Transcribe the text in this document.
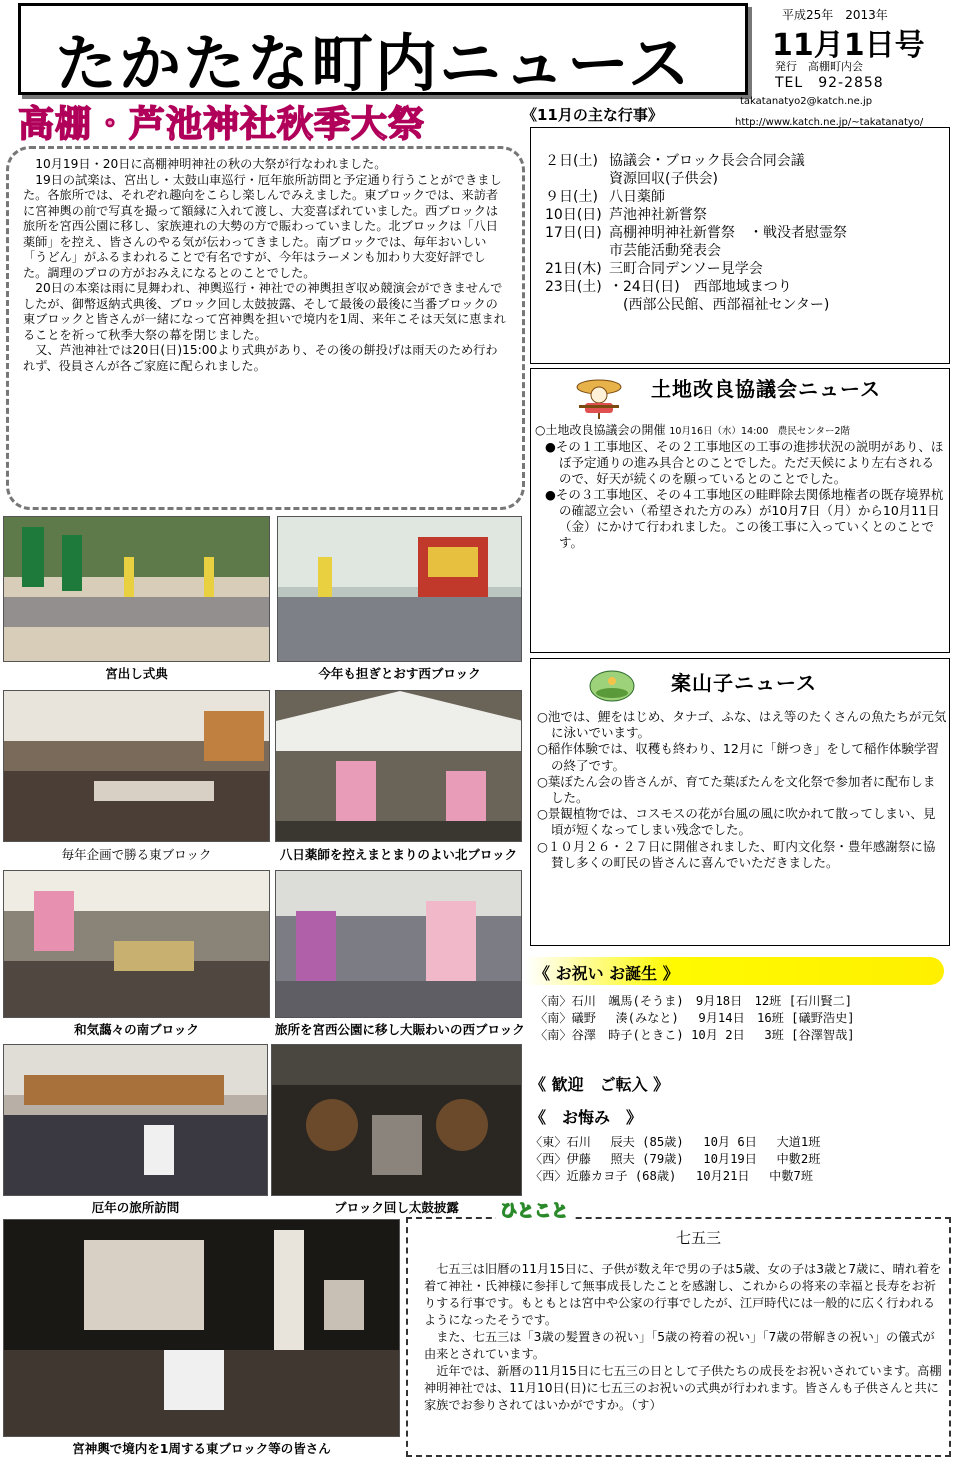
たかたな町内ニュース
平成25年　2013年
11月1日号
発行　高棚町内会
TEL　92-2858
takatanatyo2@katch.ne.jp
http://www.katch.ne.jp/~takatanatyo/
高棚・芦池神社秋季大祭	《11月の主な行事》

10月19日・20日に高棚神明神社の秋の大祭が行なわれました。

19日の試楽は、宮出し・太鼓山車巡行・厄年旅所訪問と予定通り行うことができました。各旅所では、それぞれ趣向をこらし楽しんでみえました。東ブロックでは、来訪者に宮神輿の前で写真を撮って額縁に入れて渡し、大変喜ばれていました。西ブロックは旅所を宮西公園に移し、家族連れの大勢の方で賑わっていました。北ブロックは「八日薬師」を控え、皆さんのやる気が伝わってきました。南ブロックでは、毎年おいしい「うどん」がふるまわれることで有名ですが、今年はラーメンも加わり大変好評でした。調理のプロの方がおみえになるとのことでした。

20日の本楽は雨に見舞われ、神輿巡行・神社での神輿担ぎ収め競演会ができませんでしたが、御幣返納式典後、ブロック回し太鼓披露、そして最後の最後に当番ブロックの東ブロックと皆さんが一緒になって宮神輿を担いで境内を1周、来年こそは天気に恵まれることを祈って秋季大祭の幕を閉じました。

又、芦池神社では20日(日)15:00より式典があり、その後の餅投げは雨天のため行われず、役員さんが各ご家庭に配られました。

２日(土) 協議会・ブロック長会合同会議
資源回収(子供会)
９日(土) 八日薬師
10日(日) 芦池神社新嘗祭
17日(日) 高棚神明神社新嘗祭　・戦没者慰霊祭
市芸能活動発表会
21日(木) 三町合同デンソー見学会
23日(土) ・24日(日)　西部地域まつり
　(西部公民館、西部福祉センター)
土地改良協議会ニュース
○土地改良協議会の開催 10月16日（水）14:00　農民センター2階
●その１工事地区、その２工事地区の工事の進捗状況の説明があり、ほぼ予定通りの進み具合とのことでした。ただ天候により左右されるので、好天が続くのを願っているとのことでした。
●その３工事地区、その４工事地区の畦畔除去関係地権者の既存境界杭の確認立会い（希望された方のみ）が10月7日（月）から10月11日（金）にかけて行われました。この後工事に入っていくとのことです。
案山子ニュース
○池では、鯉をはじめ、タナゴ、ふな、はえ等のたくさんの魚たちが元気に泳いでいます。
○稲作体験では、収穫も終わり、12月に「餅つき」をして稲作体験学習の終了です。
○葉ぼたん会の皆さんが、育てた葉ぼたんを文化祭で参加者に配布しました。
○景観植物では、コスモスの花が台風の風に吹かれて散ってしまい、見頃が短くなってしまい残念でした。
○１０月２６・２７日に開催されました、町内文化祭・豊年感謝祭に協賛し多くの町民の皆さんに喜んでいただきました。
《 お祝い お誕生 》
〈南〉石川　颯馬(そうま)　9月18日　12班 [石川賢二]
〈南〉礒野　 湊(みなと)　 9月14日　16班 [礒野浩史]
〈南〉谷澤　時子(ときこ) 10月 2日 　3班 [谷澤智哉]
《 歓迎　ご転入 》
《　お悔み　》
〈東〉石川　 辰夫 (85歳)　 10月 6日 　大道1班
〈西〉伊藤　 照夫 (79歳)　 10月19日 　中數2班
〈西〉近藤カヨ子 (68歳)　 10月21日 　中數7班
ひとこと
七五三

七五三は旧暦の11月15日に、子供が数え年で男の子は5歳、女の子は3歳と7歳に、晴れ着を着て神社・氏神様に参拝して無事成長したことを感謝し、これからの将来の幸福と長寿をお祈りする行事です。もともとは宮中や公家の行事でしたが、江戸時代には一般的に広く行われるようになったそうです。

また、七五三は「3歳の髪置きの祝い」「5歳の袴着の祝い」「7歳の帯解きの祝い」の儀式が由来とされています。

近年では、新暦の11月15日に七五三の日として子供たちの成長をお祝いされています。高棚神明神社では、11月10日(日)に七五三のお祝いの式典が行われます。皆さんも子供さんと共に家族でお参りされてはいかがですか。（す）

宮出し式典	今年も担ぎとおす西ブロック
毎年企画で勝る東ブロック	八日薬師を控えまとまりのよい北ブロック
和気藹々の南ブロック	旅所を宮西公園に移し大賑わいの西ブロック
厄年の旅所訪問	ブロック回し太鼓披露
宮神輿で境内を1周する東ブロック等の皆さん
